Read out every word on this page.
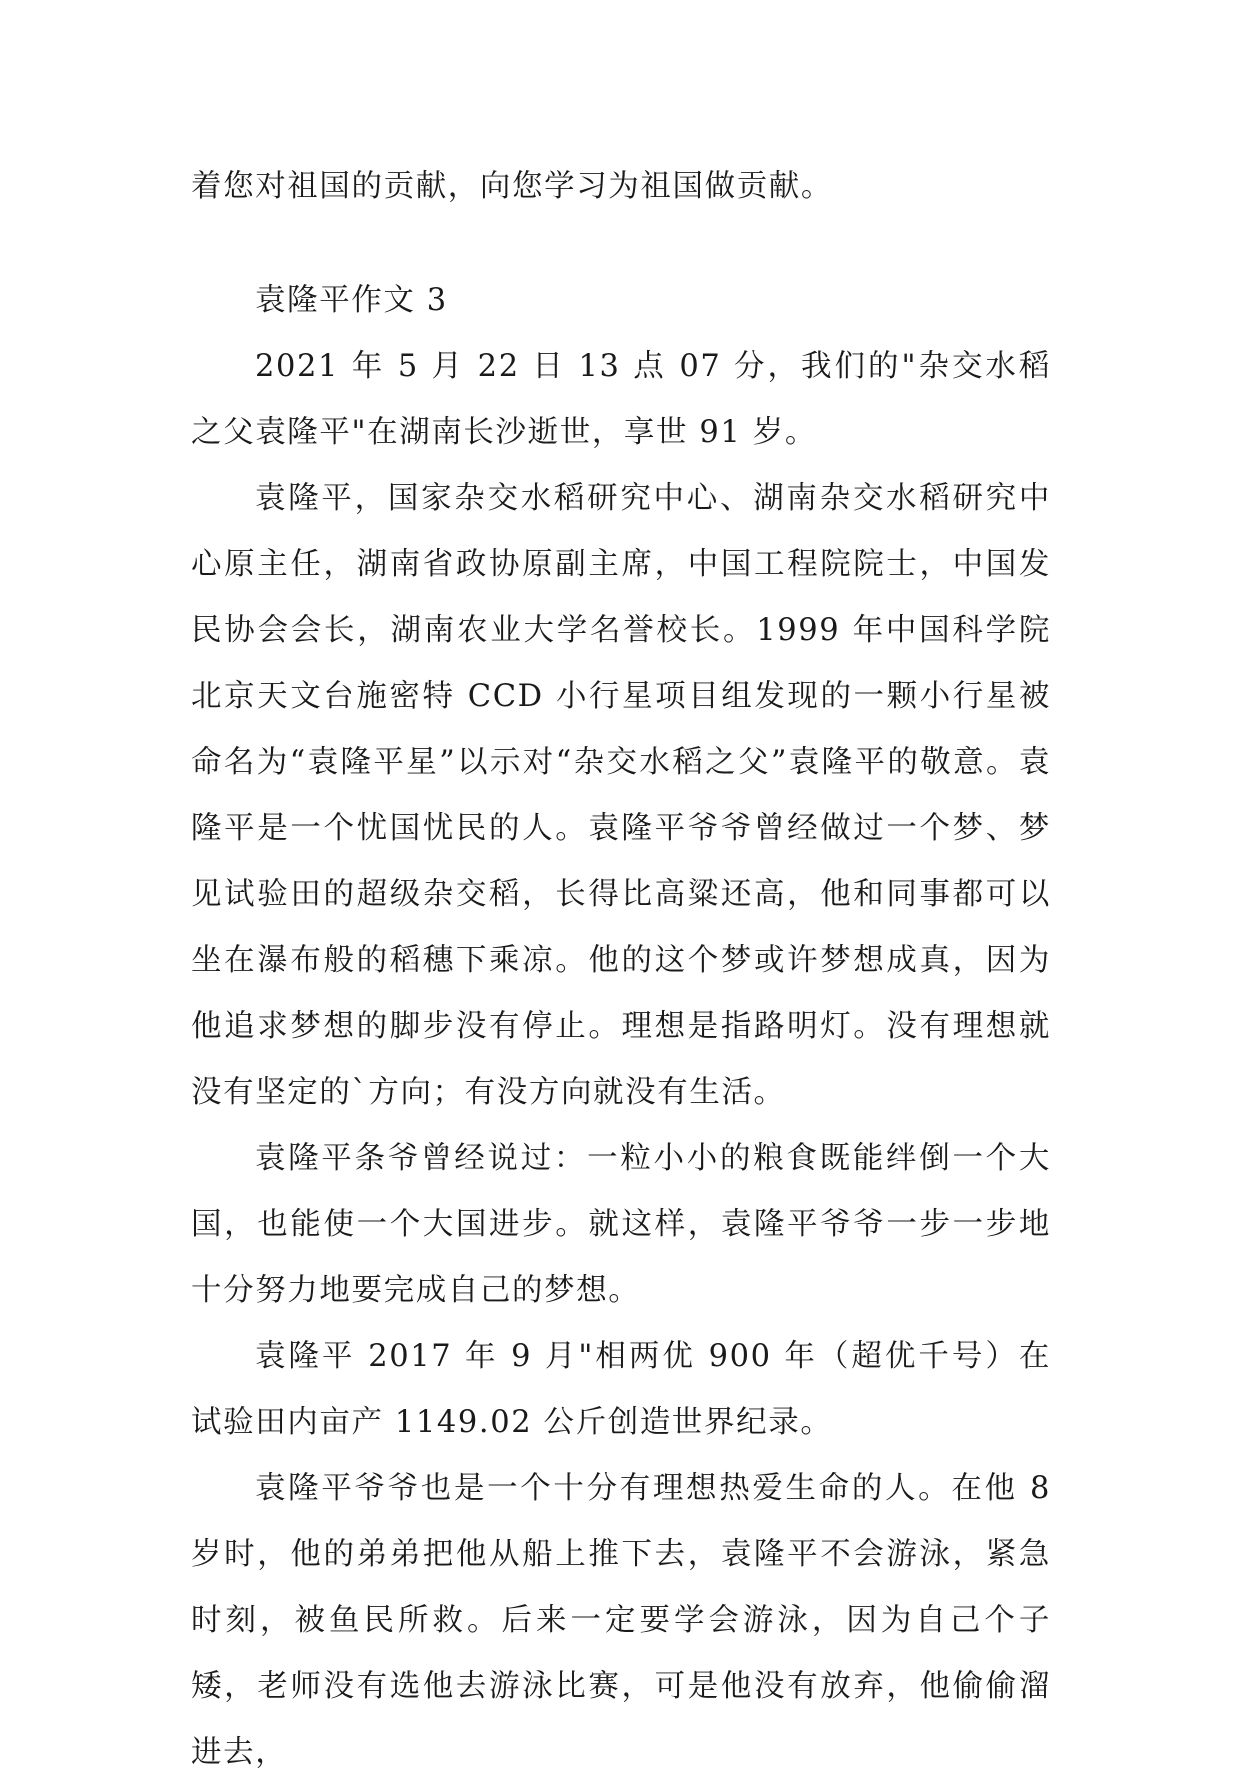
着您对祖国的贡献，向您学习为祖国做贡献。

袁隆平作文 3

2021 年 5 月 22 日 13 点 07 分，我们的"杂交水稻之父袁隆平"在湖南长沙逝世，享世 91 岁。

袁隆平，国家杂交水稻研究中心、湖南杂交水稻研究中心原主任，湖南省政协原副主席，中国工程院院士，中国发民协会会长，湖南农业大学名誉校长。1999 年中国科学院北京天文台施密特 CCD 小行星项目组发现的一颗小行星被命名为“袁隆平星”以示对“杂交水稻之父”袁隆平的敬意。袁隆平是一个忧国忧民的人。袁隆平爷爷曾经做过一个梦、梦见试验田的超级杂交稻，长得比高粱还高，他和同事都可以坐在瀑布般的稻穗下乘凉。他的这个梦或许梦想成真，因为他追求梦想的脚步没有停止。理想是指路明灯。没有理想就没有坚定的`方向；有没方向就没有生活。

袁隆平条爷曾经说过：一粒小小的粮食既能绊倒一个大国，也能使一个大国进步。就这样，袁隆平爷爷一步一步地十分努力地要完成自己的梦想。

袁隆平 2017 年 9 月"相两优 900 年（超优千号）在试验田内亩产 1149.02 公斤创造世界纪录。

袁隆平爷爷也是一个十分有理想热爱生命的人。在他 8 岁时，他的弟弟把他从船上推下去，袁隆平不会游泳，紧急时刻，被鱼民所救。后来一定要学会游泳，因为自己个子矮，老师没有选他去游泳比赛，可是他没有放弃，他偷偷溜进去，
